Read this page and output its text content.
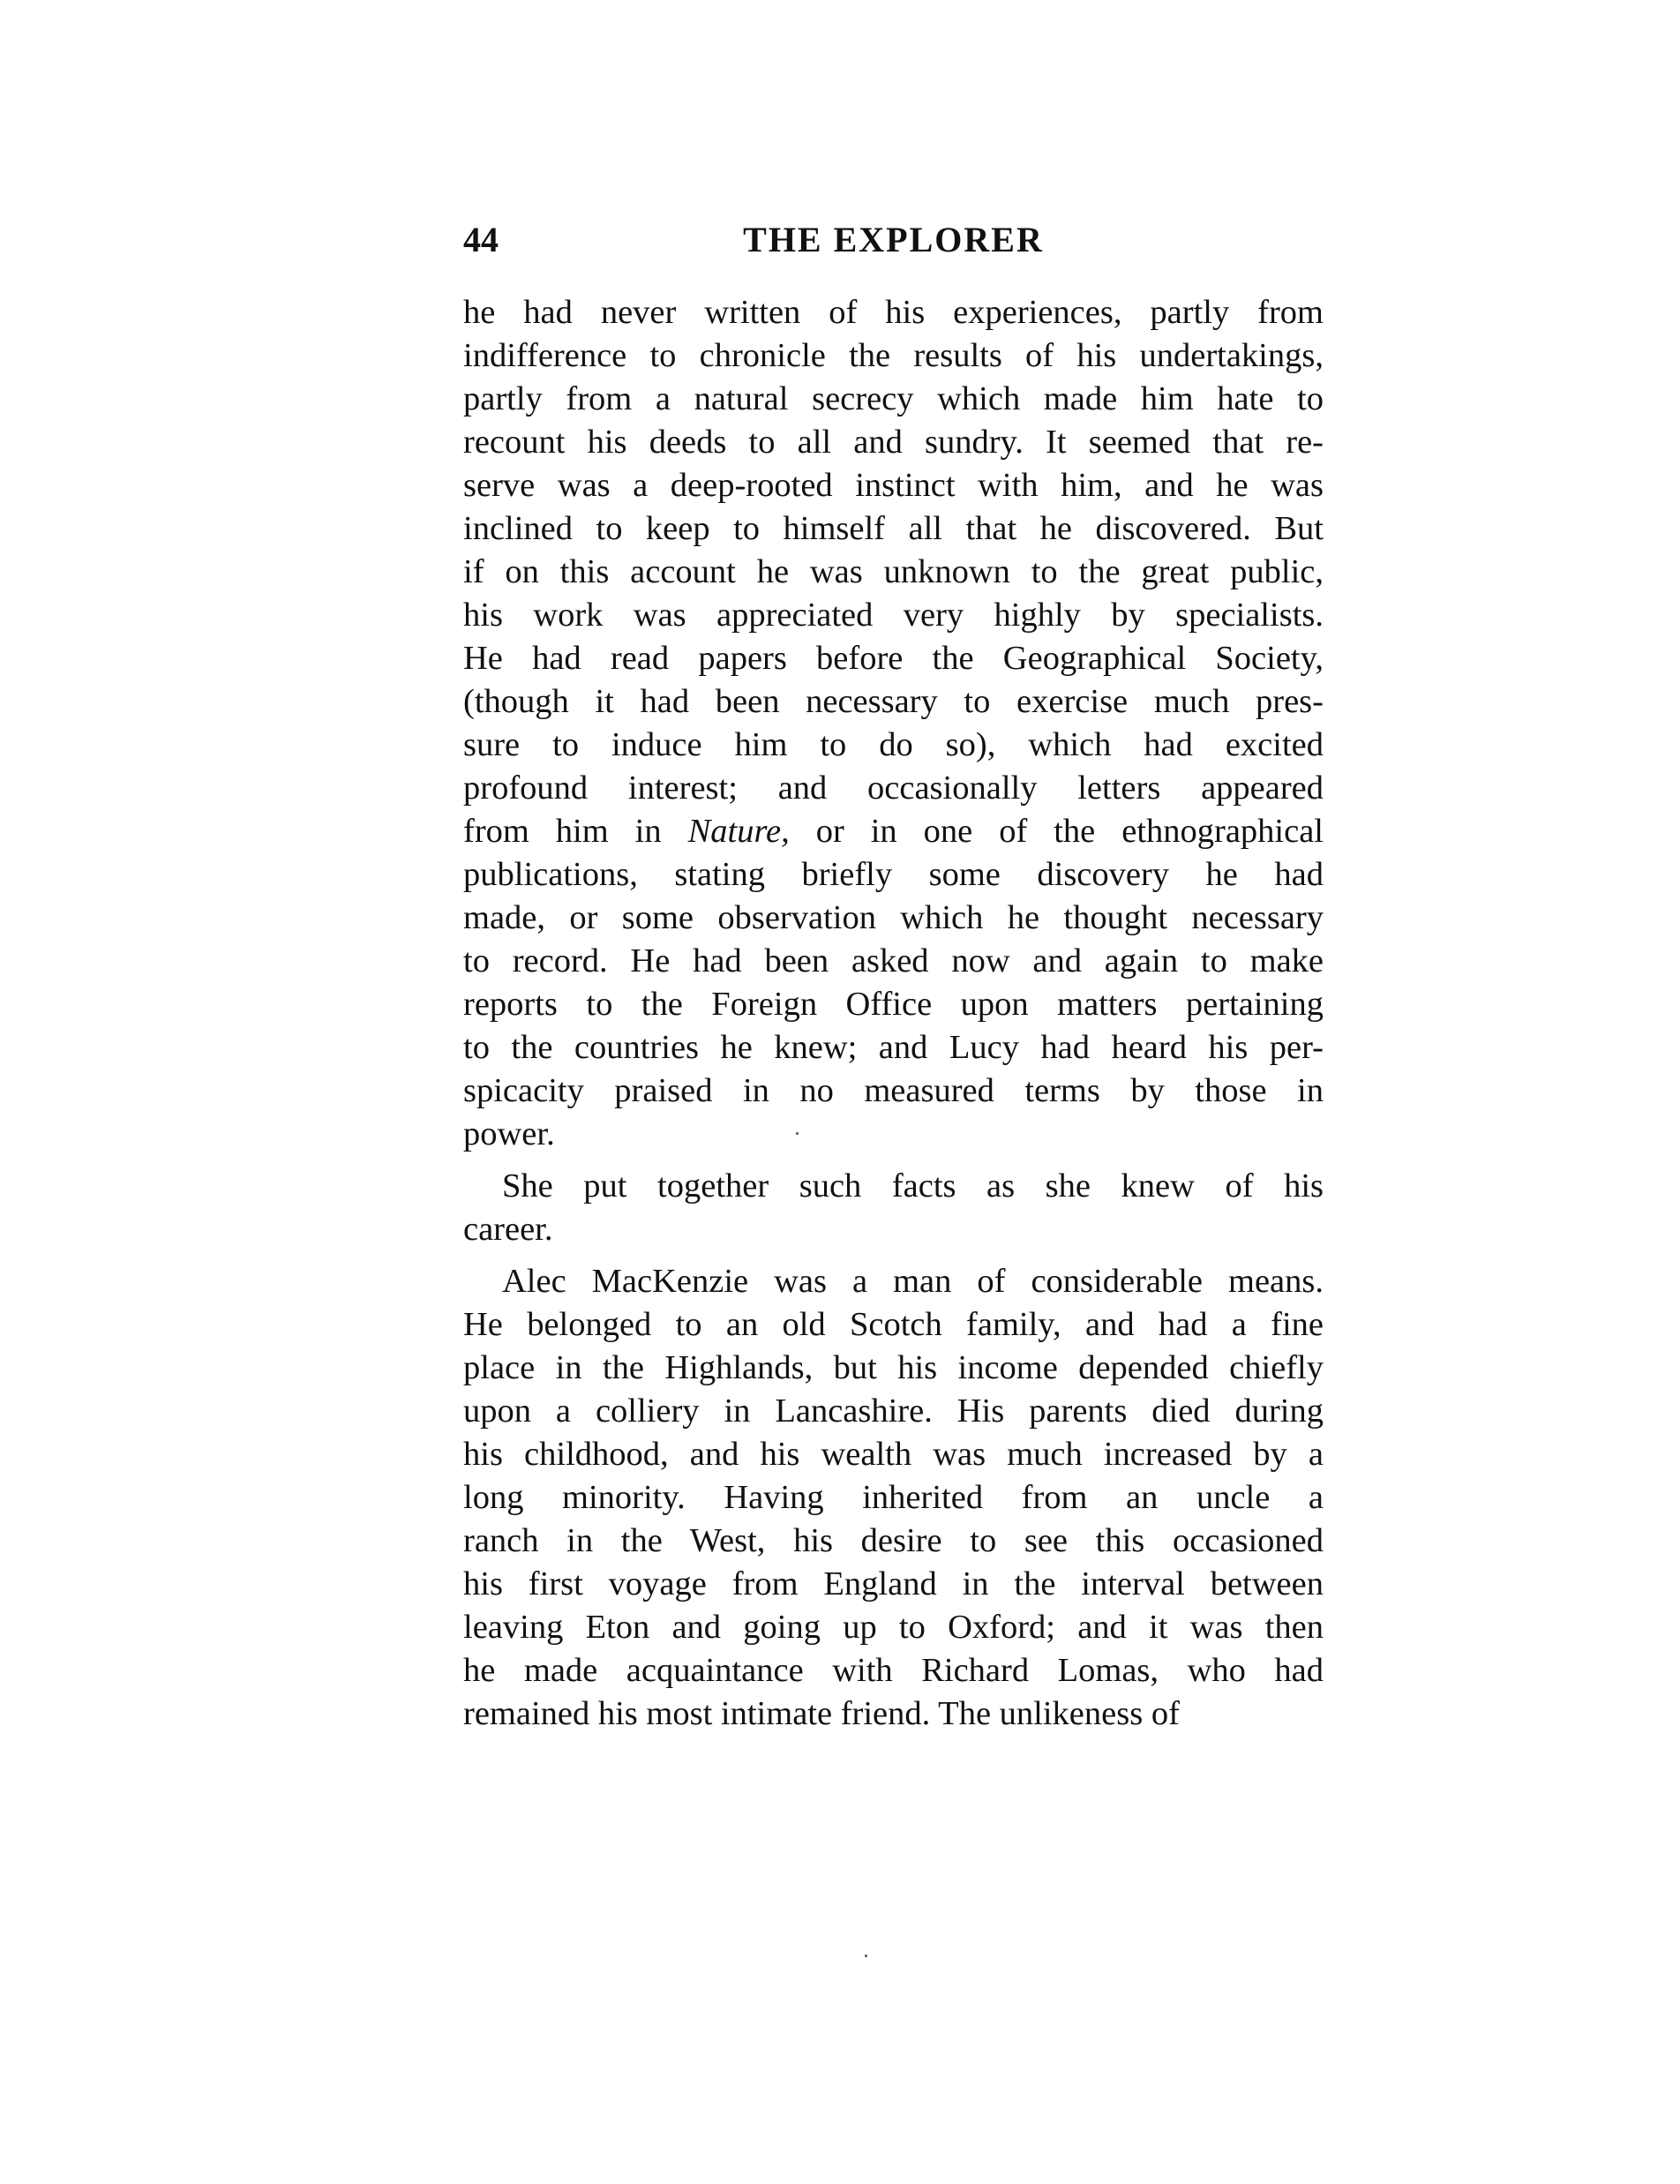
44	THE EXPLORER
he had never written of his experiences, partly from
indifference to chronicle the results of his undertakings,
partly from a natural secrecy which made him hate to
recount his deeds to all and sundry. It seemed that re-
serve was a deep-rooted instinct with him, and he was
inclined to keep to himself all that he discovered. But
if on this account he was unknown to the great public,
his work was appreciated very highly by specialists.
He had read papers before the Geographical Society,
(though it had been necessary to exercise much pres-
sure to induce him to do so), which had excited
profound interest; and occasionally letters appeared
from him in Nature, or in one of the ethnographical
publications, stating briefly some discovery he had
made, or some observation which he thought necessary
to record. He had been asked now and again to make
reports to the Foreign Office upon matters pertaining
to the countries he knew; and Lucy had heard his per-
spicacity praised in no measured terms by those in
power.
She put together such facts as she knew of his
career.
Alec MacKenzie was a man of considerable means.
He belonged to an old Scotch family, and had a fine
place in the Highlands, but his income depended chiefly
upon a colliery in Lancashire. His parents died during
his childhood, and his wealth was much increased by a
long minority. Having inherited from an uncle a
ranch in the West, his desire to see this occasioned
his first voyage from England in the interval between
leaving Eton and going up to Oxford; and it was then
he made acquaintance with Richard Lomas, who had
remained his most intimate friend. The unlikeness of
